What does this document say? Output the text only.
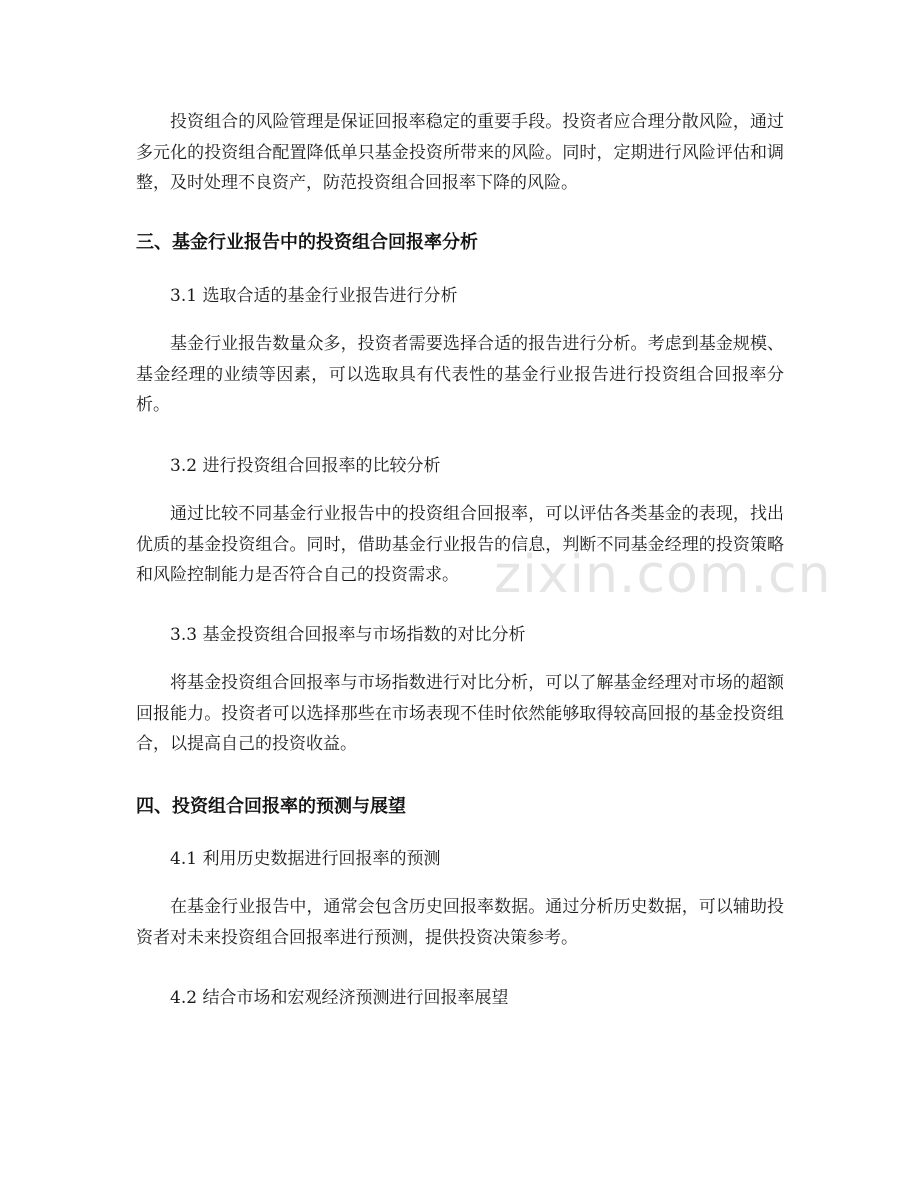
投资组合的风险管理是保证回报率稳定的重要手段。投资者应合理分散风险，通过多元化的投资组合配置降低单只基金投资所带来的风险。同时，定期进行风险评估和调整，及时处理不良资产，防范投资组合回报率下降的风险。

三、基金行业报告中的投资组合回报率分析

3.1 选取合适的基金行业报告进行分析

基金行业报告数量众多，投资者需要选择合适的报告进行分析。考虑到基金规模、基金经理的业绩等因素，可以选取具有代表性的基金行业报告进行投资组合回报率分析。

3.2 进行投资组合回报率的比较分析

通过比较不同基金行业报告中的投资组合回报率，可以评估各类基金的表现，找出优质的基金投资组合。同时，借助基金行业报告的信息，判断不同基金经理的投资策略和风险控制能力是否符合自己的投资需求。

3.3 基金投资组合回报率与市场指数的对比分析

将基金投资组合回报率与市场指数进行对比分析，可以了解基金经理对市场的超额回报能力。投资者可以选择那些在市场表现不佳时依然能够取得较高回报的基金投资组合，以提高自己的投资收益。

四、投资组合回报率的预测与展望

4.1 利用历史数据进行回报率的预测

在基金行业报告中，通常会包含历史回报率数据。通过分析历史数据，可以辅助投资者对未来投资组合回报率进行预测，提供投资决策参考。

4.2 结合市场和宏观经济预测进行回报率展望

zixin.com.cn
